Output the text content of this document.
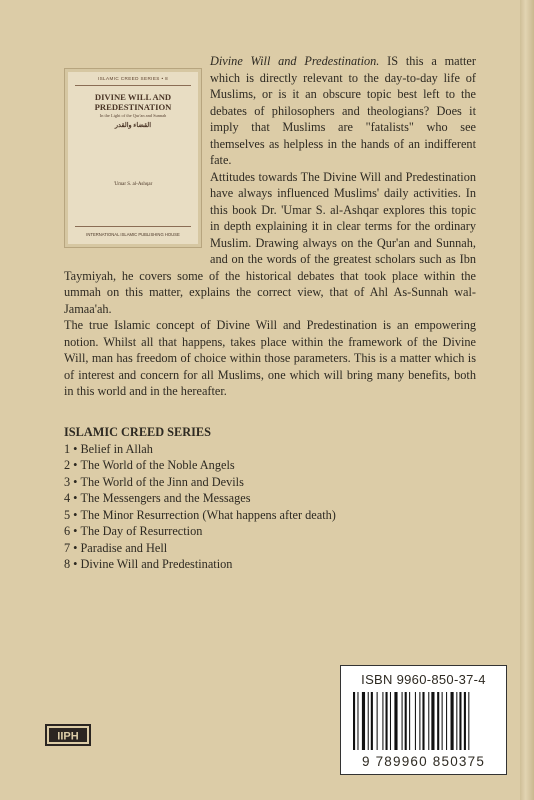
ISLAMIC CREED SERIES • 8
DIVINE WILL AND PREDESTINATION
In the Light of the Qur'an and Sunnah
القضاء والقدر
'Umar S. al-Ashqar
INTERNATIONAL ISLAMIC PUBLISHING HOUSE

Divine Will and Predestination. IS this a matter which is directly relevant to the day-to-day life of Muslims, or is it an obscure topic best left to the debates of philosophers and theologians? Does it imply that Muslims are "fatalists" who see themselves as helpless in the hands of an indifferent fate.

Attitudes towards The Divine Will and Predestination have always influenced Muslims' daily activities. In this book Dr. 'Umar S. al-Ashqar explores this topic in depth explaining it in clear terms for the ordinary Muslim. Drawing always on the Qur'an and Sunnah, and on the words of the greatest scholars such as Ibn Taymiyah, he covers some of the historical debates that took place within the ummah on this matter, explains the correct view, that of Ahl As-Sunnah wal-Jamaa'ah.

The true Islamic concept of Divine Will and Predestination is an empowering notion. Whilst all that happens, takes place within the framework of the Divine Will, man has freedom of choice within those parameters. This is a matter which is of interest and concern for all Muslims, one which will bring many benefits, both in this world and in the hereafter.

ISLAMIC CREED SERIES
1 • Belief in Allah
2 • The World of the Noble Angels
3 • The World of the Jinn and Devils
4 • The Messengers and the Messages
5 • The Minor Resurrection (What happens after death)
6 • The Day of Resurrection
7 • Paradise and Hell
8 • Divine Will and Predestination
ISBN 9960-850-37-4
9 789960 850375
IIPH
